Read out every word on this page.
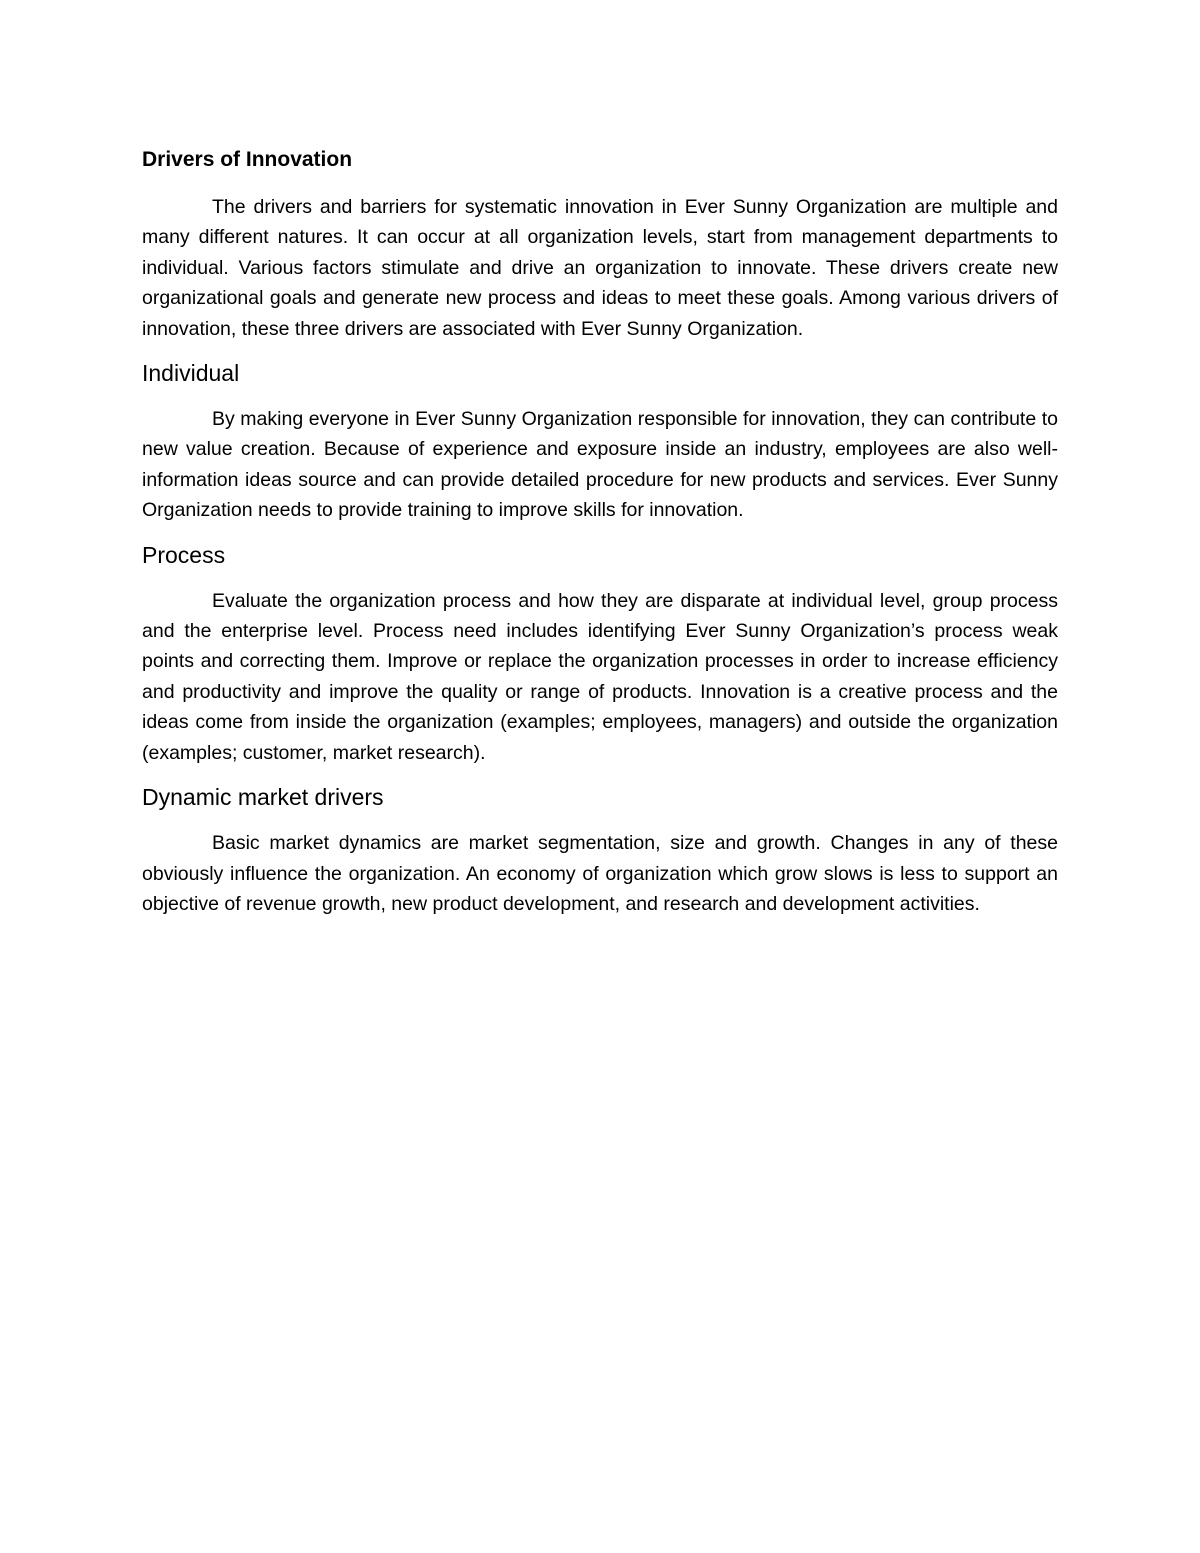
Drivers of Innovation

The drivers and barriers for systematic innovation in Ever Sunny Organization are multiple and many different natures. It can occur at all organization levels, start from management departments to individual. Various factors stimulate and drive an organization to innovate. These drivers create new organizational goals and generate new process and ideas to meet these goals. Among various drivers of innovation, these three drivers are associated with Ever Sunny Organization.

Individual

By making everyone in Ever Sunny Organization responsible for innovation, they can contribute to new value creation. Because of experience and exposure inside an industry, employees are also well-information ideas source and can provide detailed procedure for new products and services. Ever Sunny Organization needs to provide training to improve skills for innovation.

Process

Evaluate the organization process and how they are disparate at individual level, group process and the enterprise level. Process need includes identifying Ever Sunny Organization’s process weak points and correcting them. Improve or replace the organization processes in order to increase efficiency and productivity and improve the quality or range of products. Innovation is a creative process and the ideas come from inside the organization (examples; employees, managers) and outside the organization (examples; customer, market research).

Dynamic market drivers

Basic market dynamics are market segmentation, size and growth. Changes in any of these obviously influence the organization. An economy of organization which grow slows is less to support an objective of revenue growth, new product development, and research and development activities.
